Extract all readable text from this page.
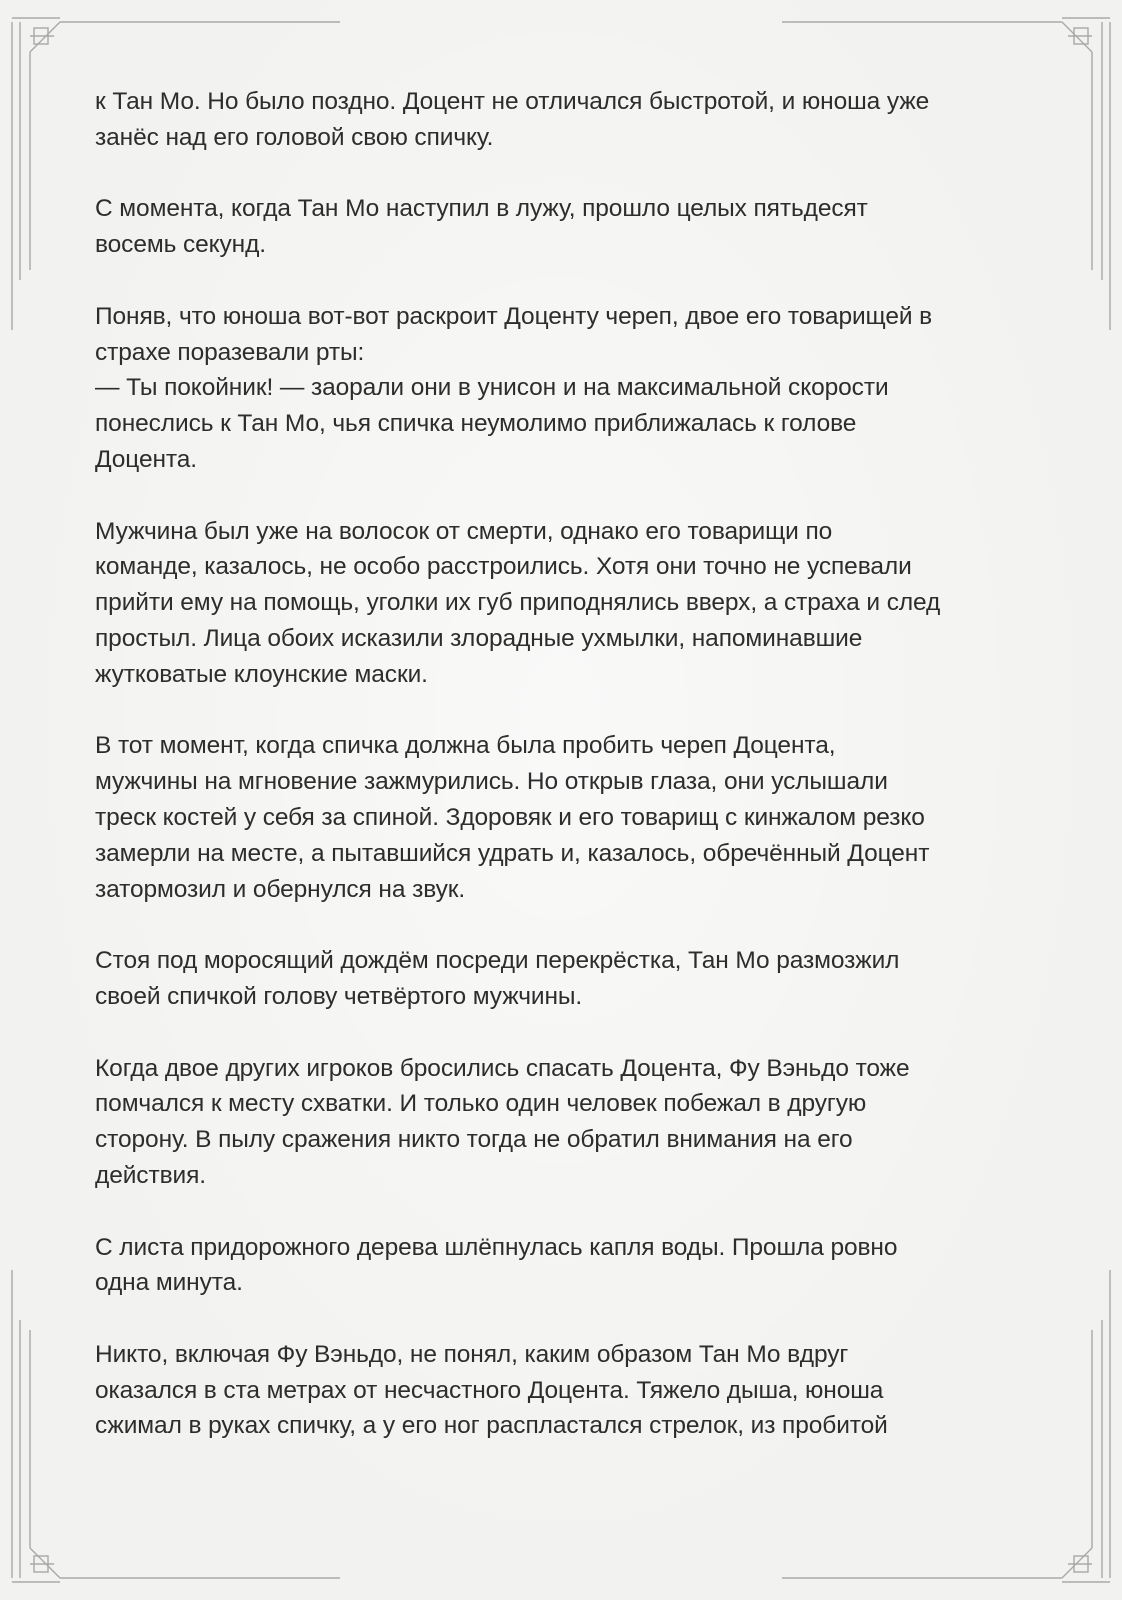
к Тан Мо. Но было поздно. Доцент не отличался быстротой, и юноша уже
занёс над его головой свою спичку.

С момента, когда Тан Мо наступил в лужу, прошло целых пятьдесят
восемь секунд.

Поняв, что юноша вот-вот раскроит Доценту череп, двое его товарищей в
страхе поразевали рты:
— Ты покойник! — заорали они в унисон и на максимальной скорости
понеслись к Тан Мо, чья спичка неумолимо приближалась к голове
Доцента.

Мужчина был уже на волосок от смерти, однако его товарищи по
команде, казалось, не особо расстроились. Хотя они точно не успевали
прийти ему на помощь, уголки их губ приподнялись вверх, а страха и след
простыл. Лица обоих исказили злорадные ухмылки, напоминавшие
жутковатые клоунские маски.

В тот момент, когда спичка должна была пробить череп Доцента,
мужчины на мгновение зажмурились. Но открыв глаза, они услышали
треск костей у себя за спиной. Здоровяк и его товарищ с кинжалом резко
замерли на месте, а пытавшийся удрать и, казалось, обречённый Доцент
затормозил и обернулся на звук.

Стоя под моросящий дождём посреди перекрёстка, Тан Мо размозжил
своей спичкой голову четвёртого мужчины.

Когда двое других игроков бросились спасать Доцента, Фу Вэньдо тоже
помчался к месту схватки. И только один человек побежал в другую
сторону. В пылу сражения никто тогда не обратил внимания на его
действия.

С листа придорожного дерева шлёпнулась капля воды. Прошла ровно
одна минута.

Никто, включая Фу Вэньдо, не понял, каким образом Тан Мо вдруг
оказался в ста метрах от несчастного Доцента. Тяжело дыша, юноша
сжимал в руках спичку, а у его ног распластался стрелок, из пробитой
